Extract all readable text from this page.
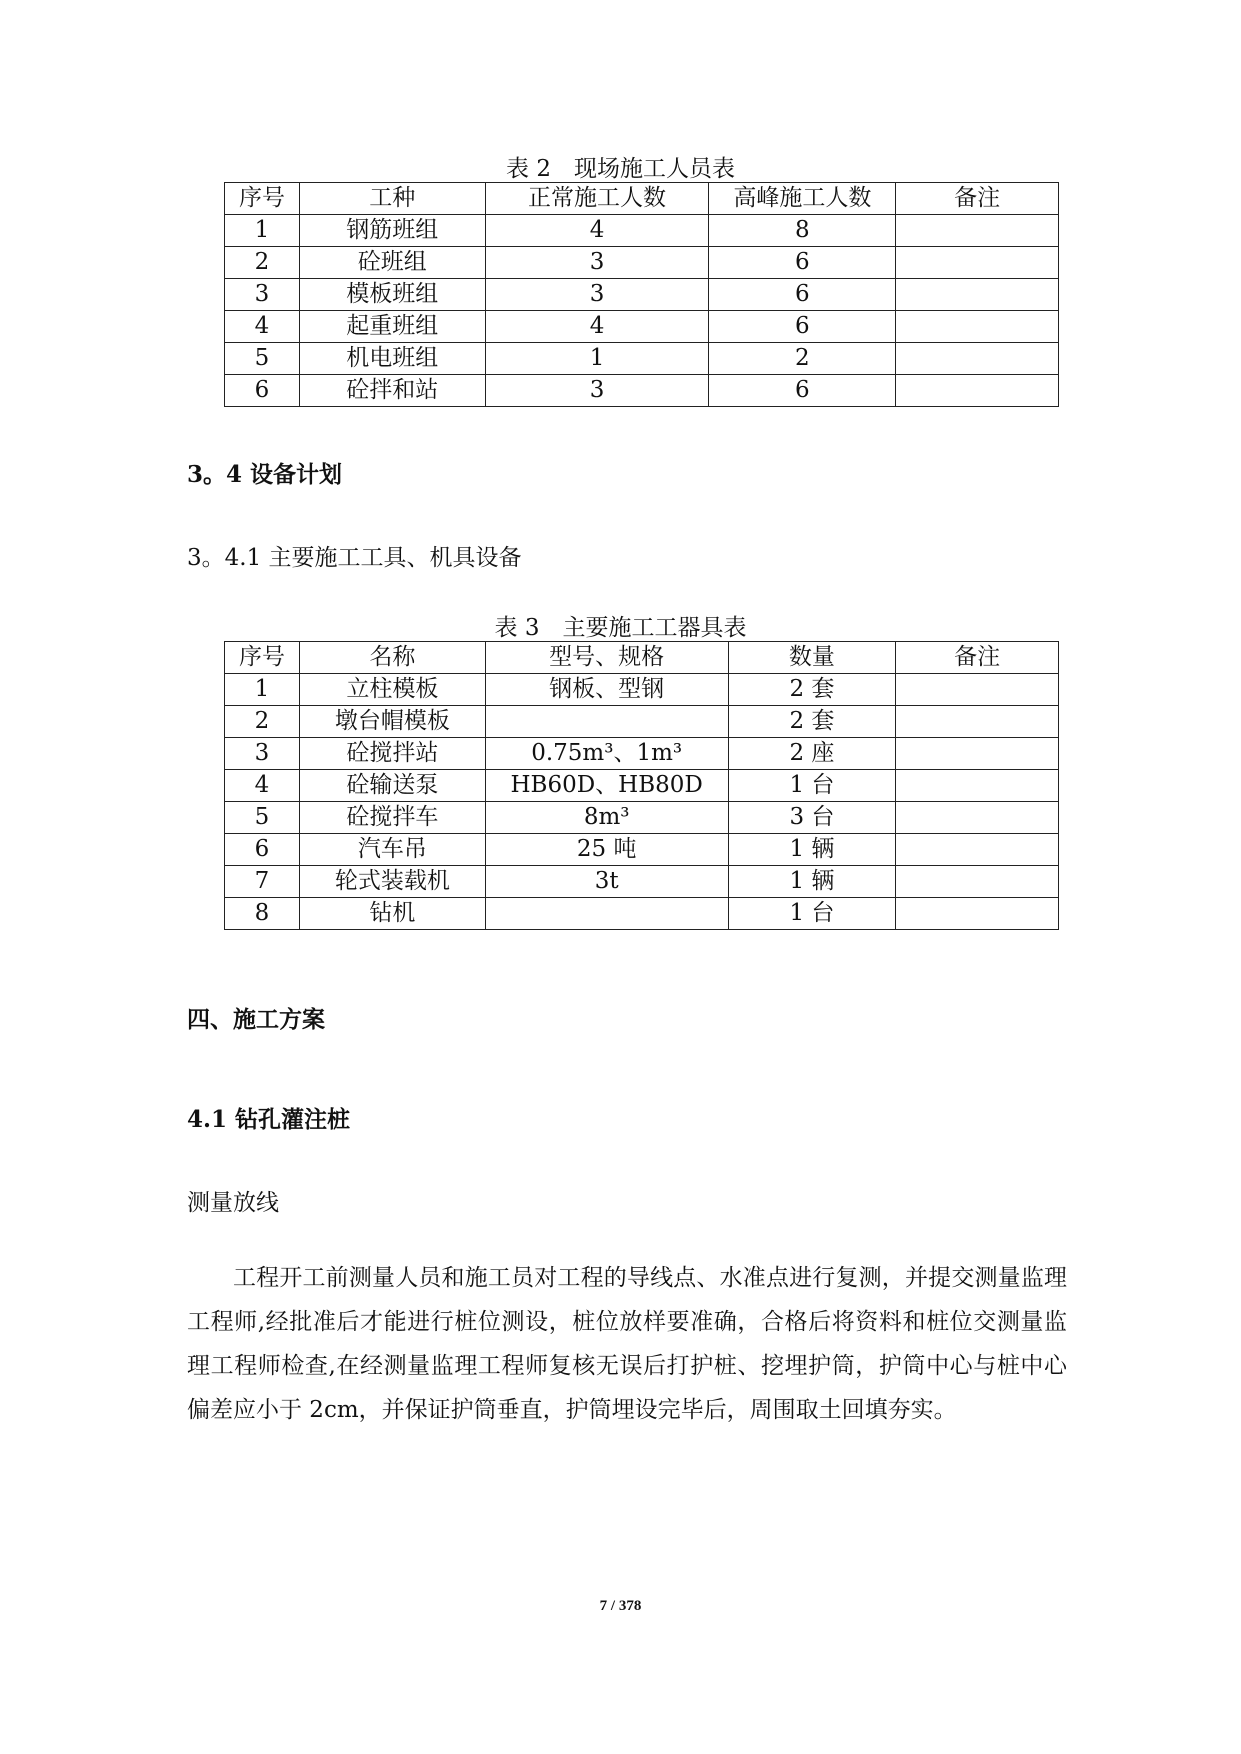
表 2　现场施工人员表
序号	工种	正常施工人数	高峰施工人数	备注
1	钢筋班组	4	8	
2	砼班组	3	6	
3	模板班组	3	6	
4	起重班组	4	6	
5	机电班组	1	2	
6	砼拌和站	3	6	
3。4 设备计划
3。4.1 主要施工工具、机具设备
表 3　主要施工工器具表
序号	名称	型号、规格	数量	备注
1	立柱模板	钢板、型钢	2 套	
2	墩台帽模板		2 套	
3	砼搅拌站	0.75m³、1m³	2 座	
4	砼输送泵	HB60D、HB80D	1 台	
5	砼搅拌车	8m³	3 台	
6	汽车吊	25 吨	1 辆	
7	轮式装载机	3t	1 辆	
8	钻机		1 台	
四、施工方案
4.1 钻孔灌注桩
测量放线
工程开工前测量人员和施工员对工程的导线点、水准点进行复测，并提交测量监理工程师,经批准后才能进行桩位测设，桩位放样要准确，合格后将资料和桩位交测量监理工程师检查,在经测量监理工程师复核无误后打护桩、挖埋护筒，护筒中心与桩中心偏差应小于 2cm，并保证护筒垂直，护筒埋设完毕后，周围取土回填夯实。
7 / 378
